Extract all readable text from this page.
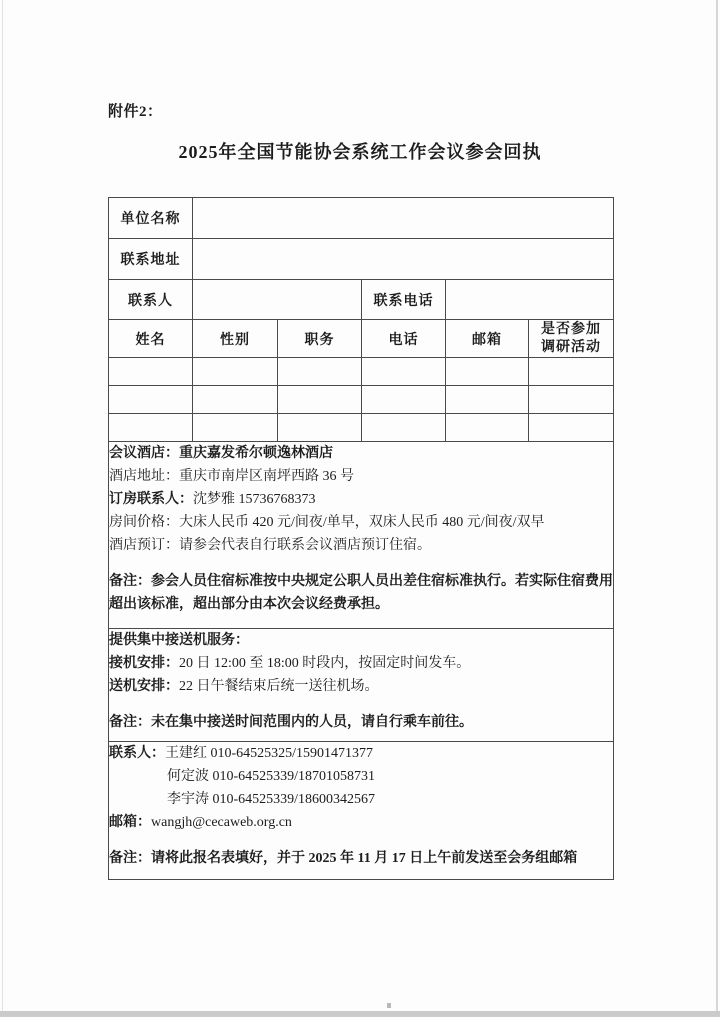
附件2：
2025年全国节能协会系统工作会议参会回执
单位名称					
联系地址					
联系人			联系电话		
姓名	性别	职务	电话	邮箱	是否参加
调研活动

会议酒店：重庆嘉发希尔顿逸林酒店
酒店地址：重庆市南岸区南坪西路 36 号
订房联系人：沈梦雅 15736768373
房间价格：大床人民币 420 元/间夜/单早，双床人民币 480 元/间夜/双早
酒店预订：请参会代表自行联系会议酒店预订住宿。
备注：参会人员住宿标准按中央规定公职人员出差住宿标准执行。若实际住宿费用超出该标准，超出部分由本次会议经费承担。

提供集中接送机服务：
接机安排：20 日 12:00 至 18:00 时段内，按固定时间发车。
送机安排：22 日午餐结束后统一送往机场。
备注：未在集中接送时间范围内的人员，请自行乘车前往。					

联系人：王建红 010-64525325/15901471377
何定波 010-64525339/18701058731
李宇涛 010-64525339/18600342567
邮箱：wangjh@cecaweb.org.cn
备注：请将此报名表填好，并于 2025 年 11 月 17 日上午前发送至会务组邮箱					
